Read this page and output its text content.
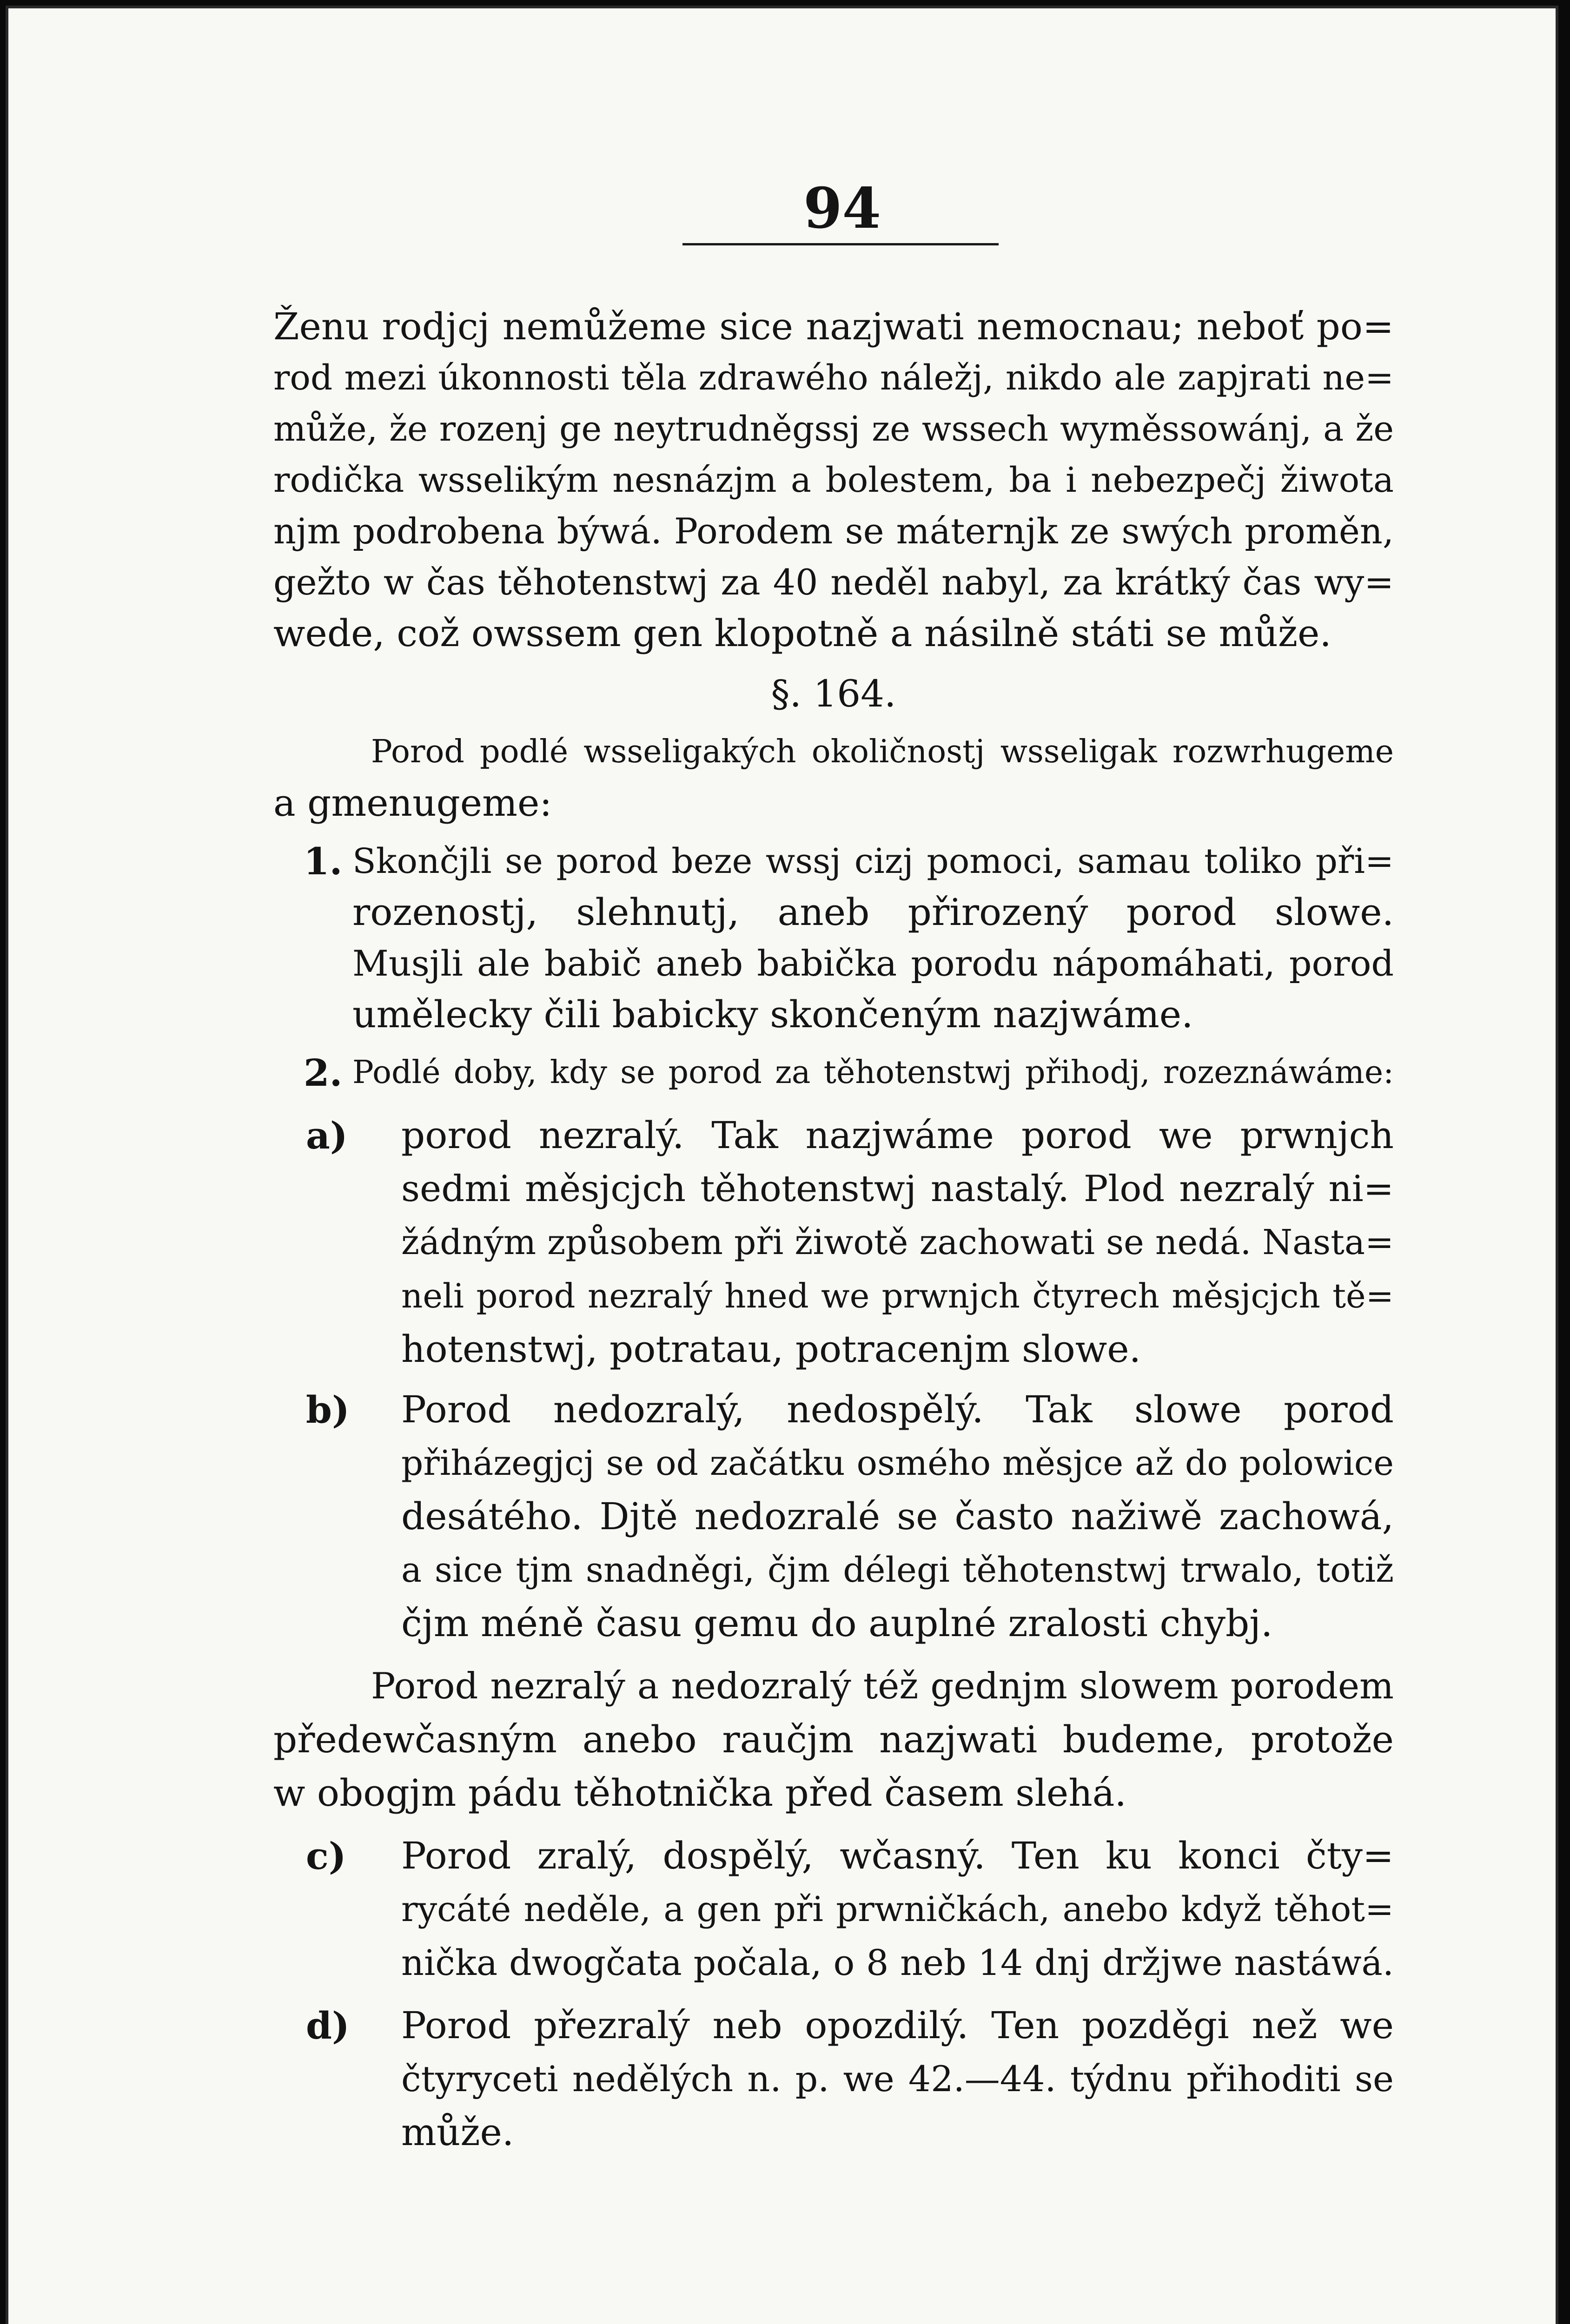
94
Ženu rodjcj nemůžeme sice nazjwati nemocnau; neboť po=
rod mezi úkonnosti těla zdrawého náležj, nikdo ale zapjrati ne=
může, že rozenj ge neytrudněgssj ze wssech wyměssowánj, a že
rodička wsselikým nesnázjm a bolestem, ba i nebezpečj žiwota
njm podrobena býwá. Porodem se máternjk ze swých proměn,
gežto w čas těhotenstwj za 40 neděl nabyl, za krátký čas wy=
wede, což owssem gen klopotně a násilně státi se může.
§. 164.
Porod podlé wsseligakých okoličnostj wsseligak rozwrhugeme
a gmenugeme:
1. Skončjli se porod beze wssj cizj pomoci, samau toliko při=
rozenostj, slehnutj, aneb přirozený porod slowe.
Musjli ale babič aneb babička porodu nápomáhati, porod
umělecky čili babicky skončeným nazjwáme.
2. Podlé doby, kdy se porod za těhotenstwj přihodj, rozeznáwáme:
a) porod nezralý. Tak nazjwáme porod we prwnjch
sedmi měsjcjch těhotenstwj nastalý. Plod nezralý ni=
žádným způsobem při žiwotě zachowati se nedá. Nasta=
neli porod nezralý hned we prwnjch čtyrech měsjcjch tě=
hotenstwj, potratau, potracenjm slowe.
b) Porod nedozralý, nedospělý. Tak slowe porod
přiházegjcj se od začátku osmého měsjce až do polowice
desátého. Djtě nedozralé se často nažiwě zachowá,
a sice tjm snadněgi, čjm délegi těhotenstwj trwalo, totiž
čjm méně času gemu do auplné zralosti chybj.
Porod nezralý a nedozralý též gednjm slowem porodem
předewčasným anebo raučjm nazjwati budeme, protože
w obogjm pádu těhotnička před časem slehá.
c) Porod zralý, dospělý, wčasný. Ten ku konci čty=
rycáté neděle, a gen při prwničkách, anebo když těhot=
nička dwogčata počala, o 8 neb 14 dnj držjwe nastáwá.
d) Porod přezralý neb opozdilý. Ten pozděgi než we
čtyryceti nedělých n. p. we 42.—44. týdnu přihoditi se
může.
